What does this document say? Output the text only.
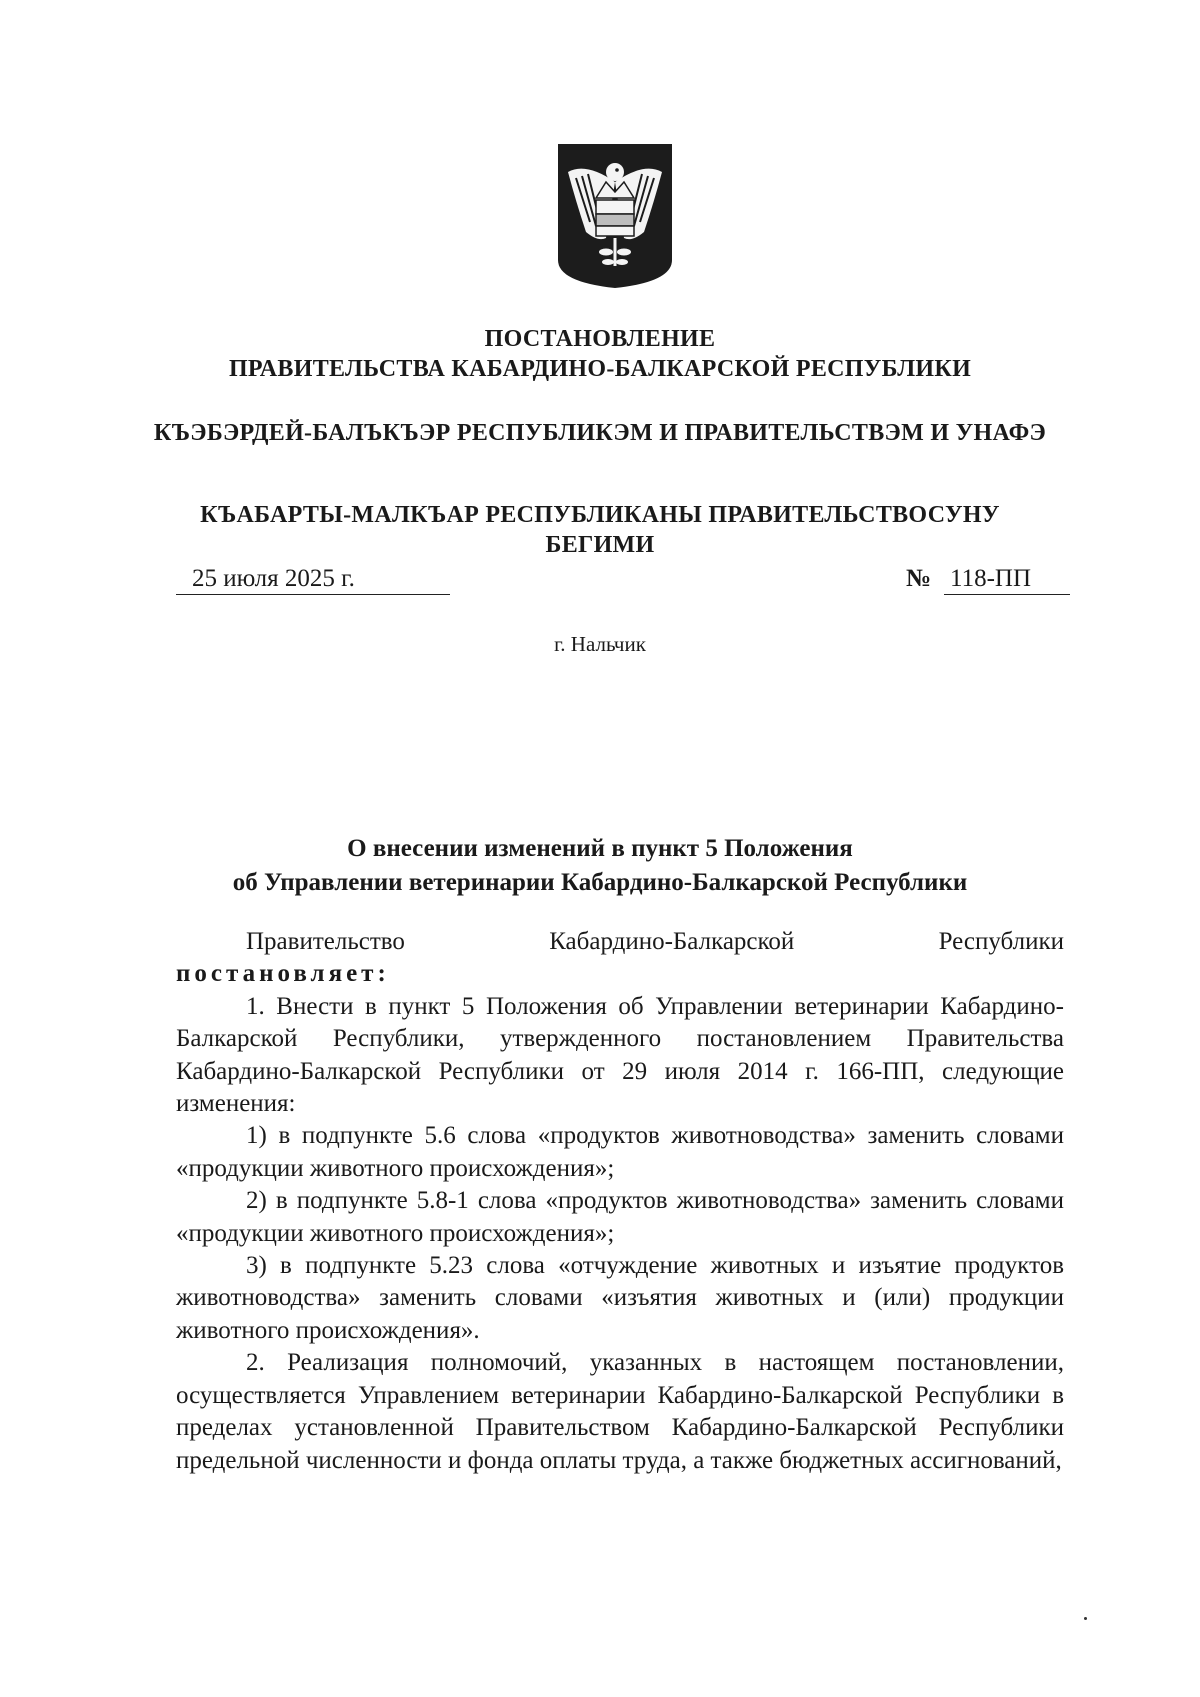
ПОСТАНОВЛЕНИЕ
ПРАВИТЕЛЬСТВА КАБАРДИНО-БАЛКАРСКОЙ РЕСПУБЛИКИ
КЪЭБЭРДЕЙ-БАЛЪКЪЭР РЕСПУБЛИКЭМ И ПРАВИТЕЛЬСТВЭМ И УНАФЭ
КЪАБАРТЫ-МАЛКЪАР РЕСПУБЛИКАНЫ ПРАВИТЕЛЬСТВОСУНУ БЕГИМИ
25 июля 2025 г.	№ 118-ПП
г. Нальчик
О внесении изменений в пункт 5 Положения
об Управлении ветеринарии Кабардино-Балкарской Республики
Правительство	Кабардино-Балкарской	Республики

постановляет:

1. Внести в пункт 5 Положения об Управлении ветеринарии Кабардино-Балкарской Республики, утвержденного постановлением Правительства Кабардино-Балкарской Республики от 29 июля 2014 г. 166-ПП, следующие изменения:

1) в подпункте 5.6 слова «продуктов животноводства» заменить словами «продукции животного происхождения»;

2) в подпункте 5.8-1 слова «продуктов животноводства» заменить словами «продукции животного происхождения»;

3) в подпункте 5.23 слова «отчуждение животных и изъятие продуктов животноводства» заменить словами «изъятия животных и (или) продукции животного происхождения».

2. Реализация полномочий, указанных в настоящем постановлении, осуществляется Управлением ветеринарии Кабардино-Балкарской Республики в пределах установленной Правительством Кабардино-Балкарской Республики предельной численности и фонда оплаты труда, а также бюджетных ассигнований,
